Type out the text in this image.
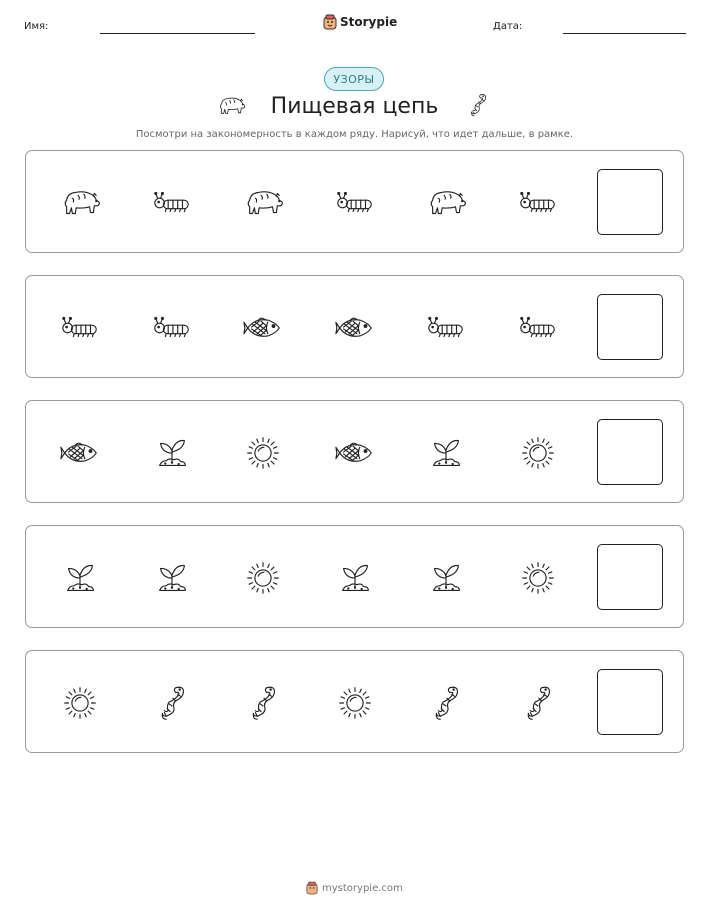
Имя:	Storypie	Дата:
УЗОРЫ
Пищевая цепь
Посмотри на закономерность в каждом ряду. Нарисуй, что идет дальше, в рамке.
mystorypie.com
